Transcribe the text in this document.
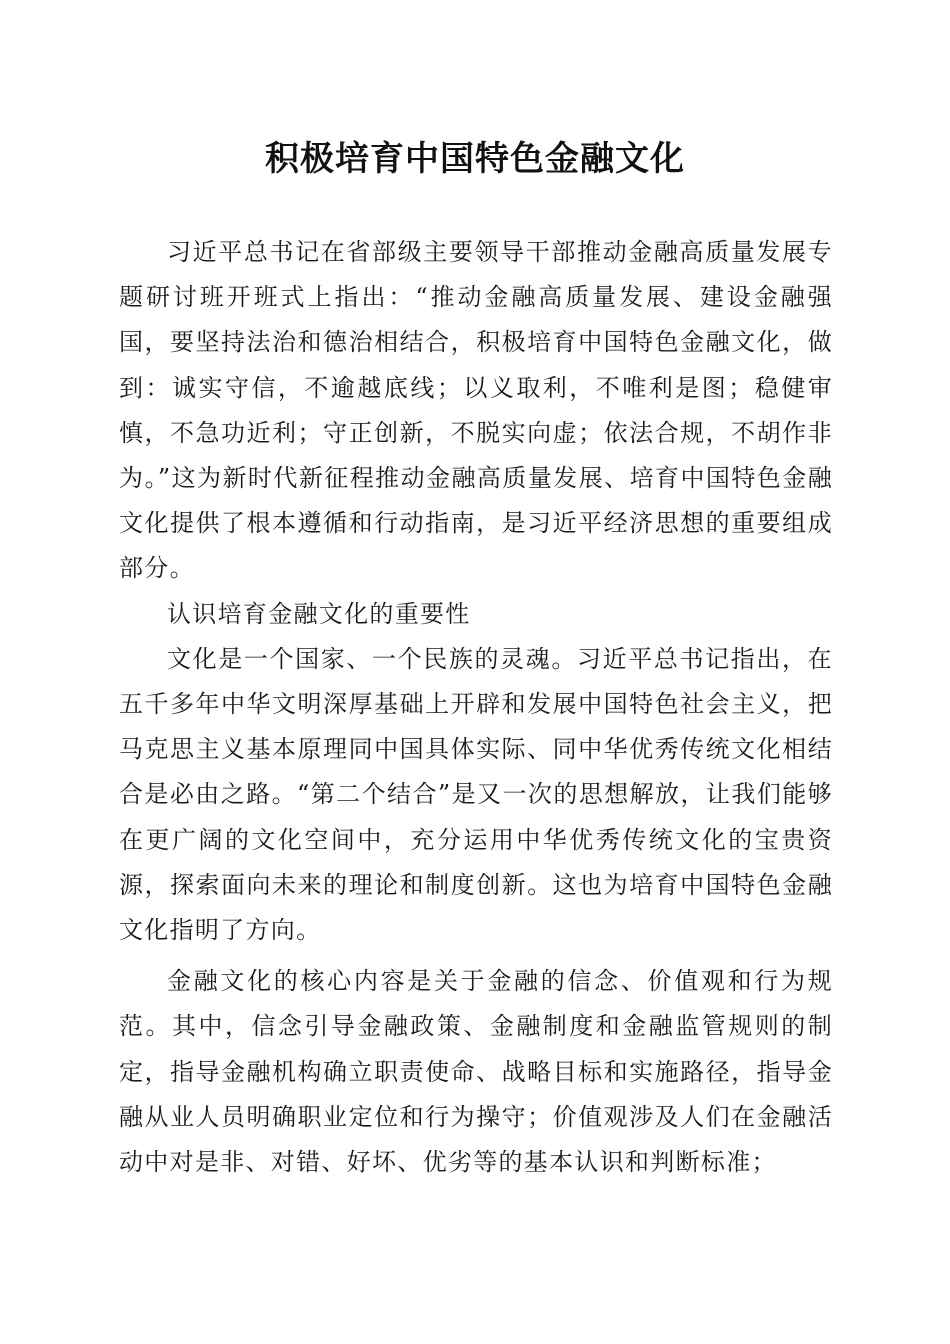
积极培育中国特色金融文化

习近平总书记在省部级主要领导干部推动金融高质量发展专题研讨班开班式上指出：“推动金融高质量发展、建设金融强国，要坚持法治和德治相结合，积极培育中国特色金融文化，做到：诚实守信，不逾越底线；以义取利，不唯利是图；稳健审慎，不急功近利；守正创新，不脱实向虚；依法合规，不胡作非为。”这为新时代新征程推动金融高质量发展、培育中国特色金融文化提供了根本遵循和行动指南，是习近平经济思想的重要组成部分。

认识培育金融文化的重要性

文化是一个国家、一个民族的灵魂。习近平总书记指出，在五千多年中华文明深厚基础上开辟和发展中国特色社会主义，把马克思主义基本原理同中国具体实际、同中华优秀传统文化相结合是必由之路。“第二个结合”是又一次的思想解放，让我们能够在更广阔的文化空间中，充分运用中华优秀传统文化的宝贵资源，探索面向未来的理论和制度创新。这也为培育中国特色金融文化指明了方向。

金融文化的核心内容是关于金融的信念、价值观和行为规范。其中，信念引导金融政策、金融制度和金融监管规则的制定，指导金融机构确立职责使命、战略目标和实施路径，指导金融从业人员明确职业定位和行为操守；价值观涉及人们在金融活动中对是非、对错、好坏、优劣等的基本认识和判断标准；
